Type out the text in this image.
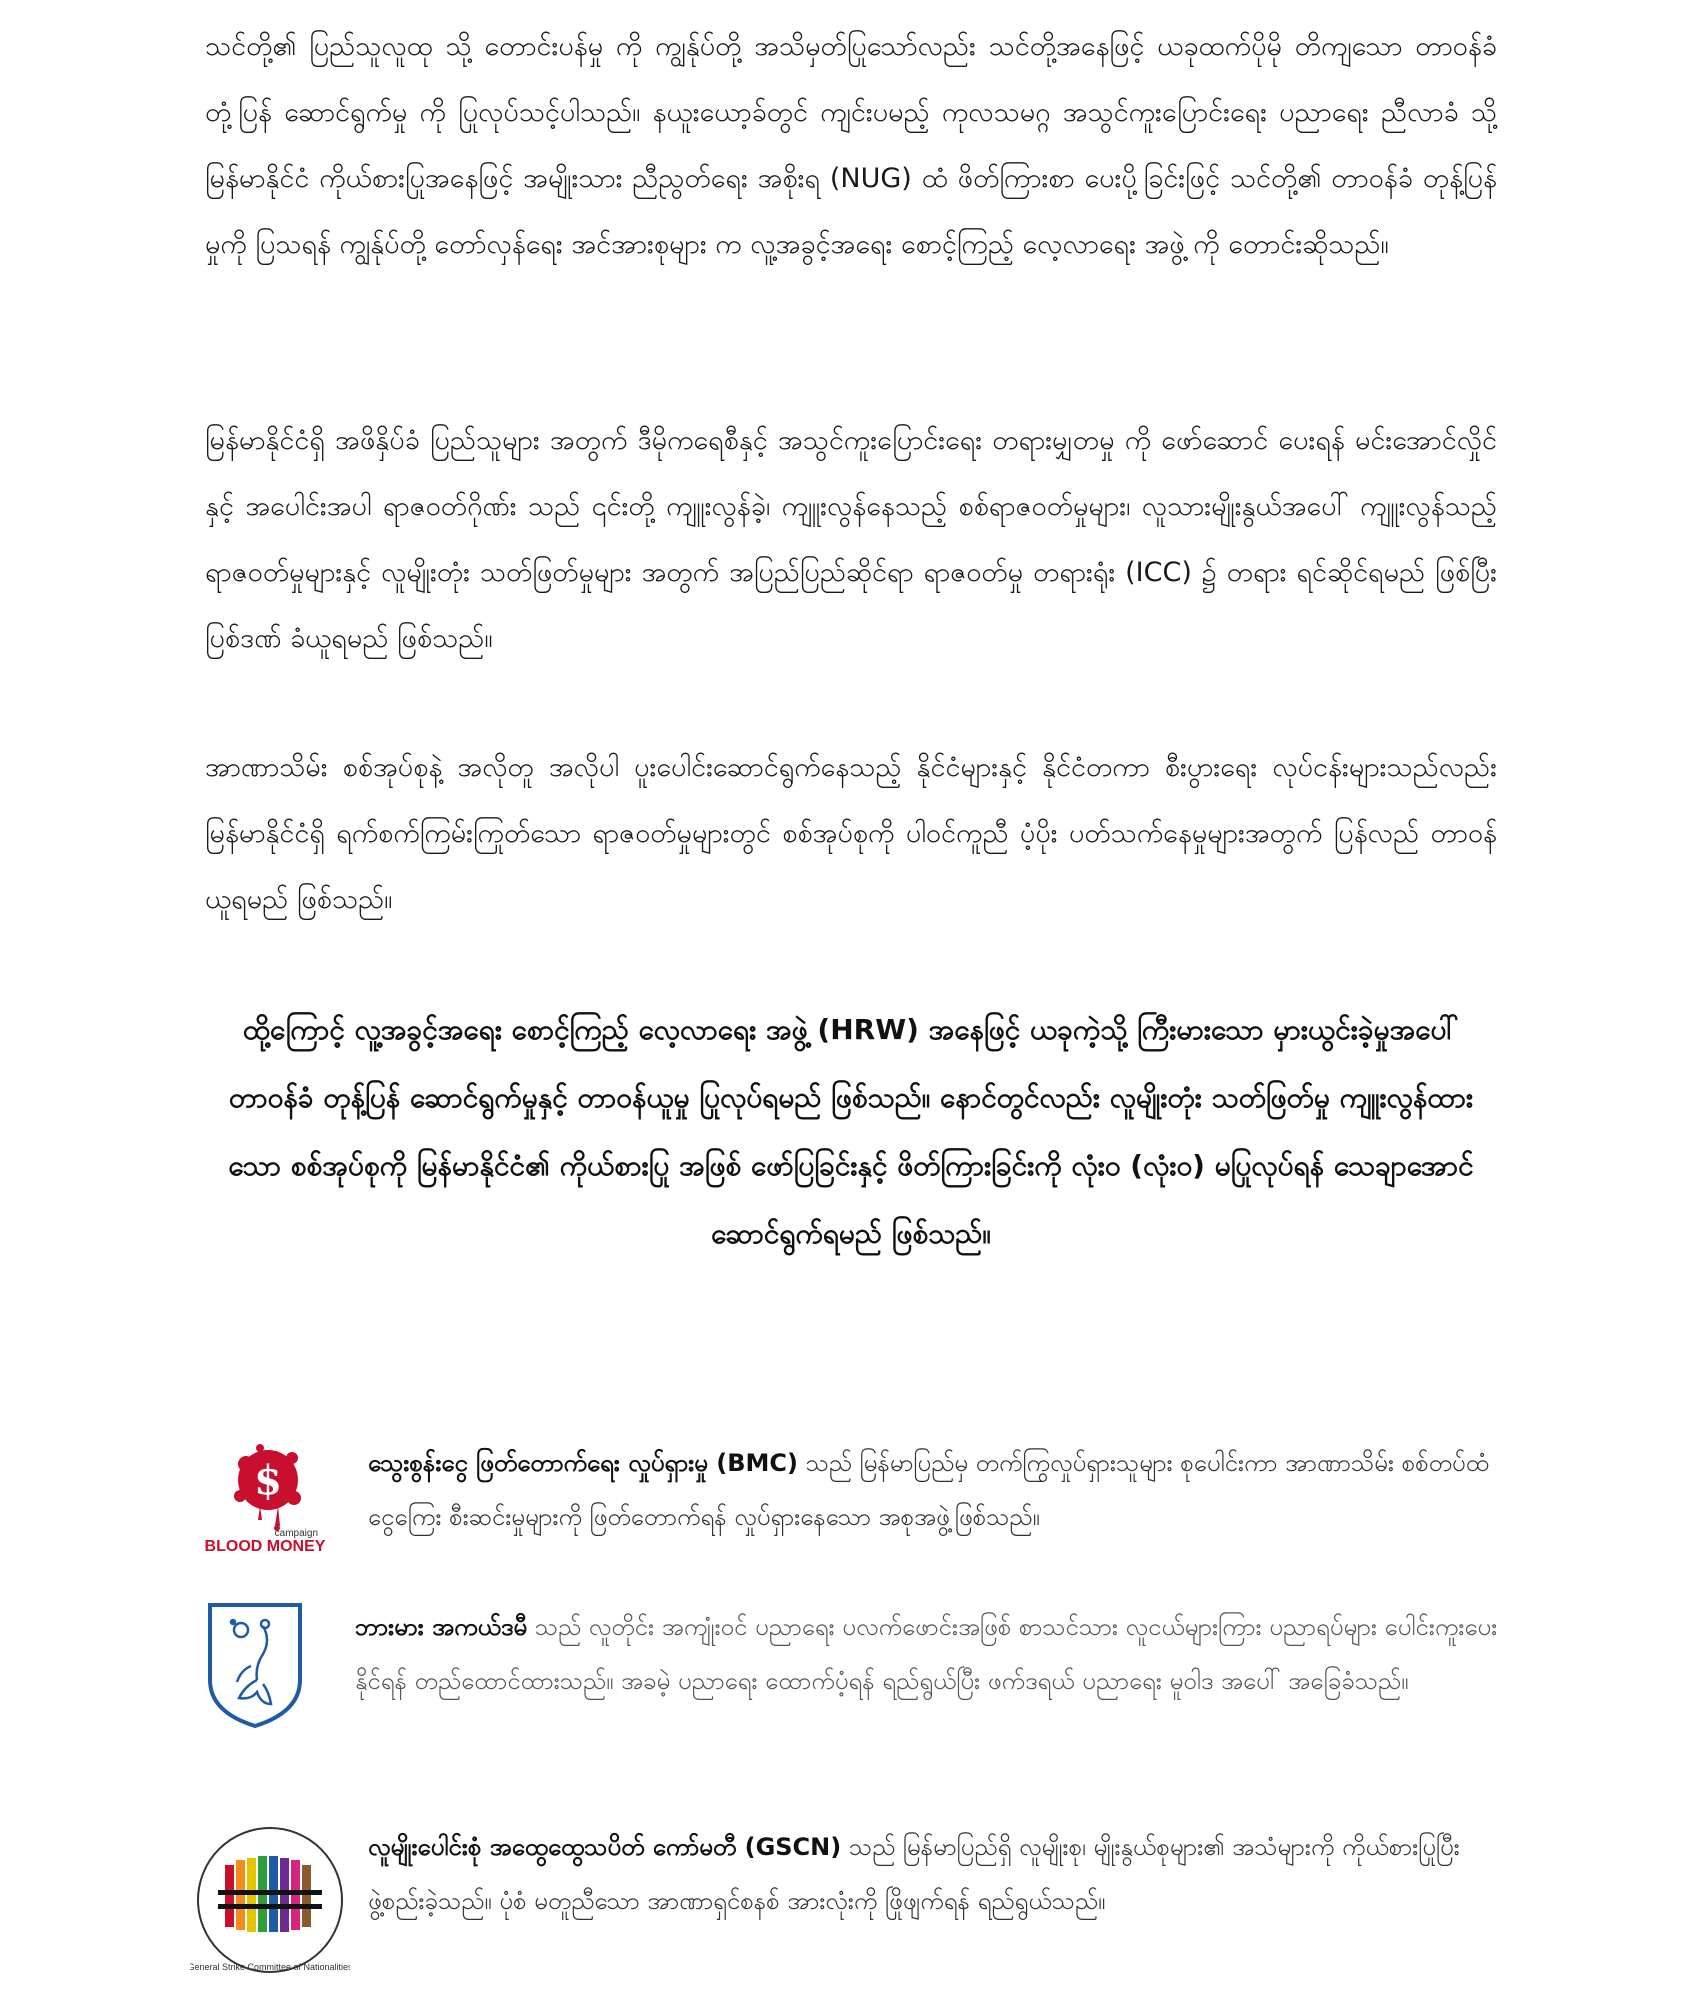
သင်တို့၏ ပြည်သူလူထု သို့ တောင်းပန်မှု ကို ကျွန်ုပ်တို့ အသိမှတ်ပြုသော်လည်း သင်တို့အနေဖြင့် ယခုထက်ပိုမို တိကျသော တာဝန်ခံ တုံ့ပြန် ဆောင်ရွက်မှု ကို ပြုလုပ်သင့်ပါသည်။ နယူးယော့ခ်တွင် ကျင်းပမည့် ကုလသမဂ္ဂ အသွင်ကူးပြောင်းရေး ပညာရေး ညီလာခံ သို့ မြန်မာနိုင်ငံ ကိုယ်စားပြုအနေဖြင့် အမျိုးသား ညီညွတ်ရေး အစိုးရ (NUG) ထံ ဖိတ်ကြားစာ ပေးပို့ခြင်းဖြင့် သင်တို့၏ တာဝန်ခံ တုန့်ပြန်မှုကို ပြသရန် ကျွန်ုပ်တို့ တော်လှန်ရေး အင်အားစုများ က လူ့အခွင့်အရေး စောင့်ကြည့် လေ့လာရေး အဖွဲ့ ကို တောင်းဆိုသည်။

မြန်မာနိုင်ငံရှိ အဖိနှိပ်ခံ ပြည်သူများ အတွက် ဒီမိုကရေစီနှင့် အသွင်ကူးပြောင်းရေး တရားမျှတမှု ကို ဖော်ဆောင် ပေးရန် မင်းအောင်လှိုင်နှင့် အပေါင်းအပါ ရာဇဝတ်ဂိုဏ်း သည် ၎င်းတို့ ကျူးလွန်ခဲ့၊ ကျူးလွန်နေသည့် စစ်ရာဇဝတ်မှုများ၊ လူသားမျိုးနွယ်အပေါ် ကျူးလွန်သည့် ရာဇဝတ်မှုများနှင့် လူမျိုးတုံး သတ်ဖြတ်မှုများ အတွက် အပြည်ပြည်ဆိုင်ရာ ရာဇဝတ်မှု တရားရုံး (ICC) ၌ တရား ရင်ဆိုင်ရမည် ဖြစ်ပြီး ပြစ်ဒဏ် ခံယူရမည် ဖြစ်သည်။

အာဏာသိမ်း စစ်အုပ်စုနဲ့ အလိုတူ အလိုပါ ပူးပေါင်းဆောင်ရွက်နေသည့် နိုင်ငံများနှင့် နိုင်ငံတကာ စီးပွားရေး လုပ်ငန်းများသည်လည်း မြန်မာနိုင်ငံရှိ ရက်စက်ကြမ်းကြုတ်သော ရာဇဝတ်မှုများတွင် စစ်အုပ်စုကို ပါဝင်ကူညီ ပံ့ပိုး ပတ်သက်နေမှုများအတွက် ပြန်လည် တာဝန်ယူရမည် ဖြစ်သည်။

ထို့ကြောင့် လူ့အခွင့်အရေး စောင့်ကြည့် လေ့လာရေး အဖွဲ့ (HRW) အနေဖြင့် ယခုကဲ့သို့ ကြီးမားသော မှားယွင်းခဲ့မှုအပေါ် တာဝန်ခံ တုန့်ပြန် ဆောင်ရွက်မှုနှင့် တာဝန်ယူမှု ပြုလုပ်ရမည် ဖြစ်သည်။ နောင်တွင်လည်း လူမျိုးတုံး သတ်ဖြတ်မှု ကျူးလွန်ထားသော စစ်အုပ်စုကို မြန်မာနိုင်ငံ၏ ကိုယ်စားပြု အဖြစ် ဖော်ပြခြင်းနှင့် ဖိတ်ကြားခြင်းကို လုံးဝ (လုံးဝ) မပြုလုပ်ရန် သေချာအောင် ဆောင်ရွက်ရမည် ဖြစ်သည်။

$
campaign
BLOOD MONEY

သွေးစွန်းငွေ ဖြတ်တောက်ရေး လှုပ်ရှားမှု (BMC) သည် မြန်မာပြည်မှ တက်ကြွလှုပ်ရှားသူများ စုပေါင်းကာ အာဏာသိမ်း စစ်တပ်ထံ ငွေကြေး စီးဆင်းမှုများကို ဖြတ်တောက်ရန် လှုပ်ရှားနေသော အစုအဖွဲ့ဖြစ်သည်။

ဘားမား အကယ်ဒမီ သည် လူတိုင်း အကျုံးဝင် ပညာရေး ပလက်ဖောင်းအဖြစ် စာသင်သား လူငယ်များကြား ပညာရပ်များ ပေါင်းကူးပေးနိုင်ရန် တည်ထောင်ထားသည်။ အခမဲ့ ပညာရေး ထောက်ပံ့ရန် ရည်ရွယ်ပြီး ဖက်ဒရယ် ပညာရေး မူဝါဒ အပေါ် အခြေခံသည်။

General Strike Committee of Nationalities

လူမျိုးပေါင်းစုံ အထွေထွေသပိတ် ကော်မတီ (GSCN) သည် မြန်မာပြည်ရှိ လူမျိုးစု၊ မျိုးနွယ်စုများ၏ အသံများကို ကိုယ်စားပြုပြီး ဖွဲ့စည်းခဲ့သည်။ ပုံစံ မတူညီသော အာဏာရှင်စနစ် အားလုံးကို ဖြိုဖျက်ရန် ရည်ရွယ်သည်။
